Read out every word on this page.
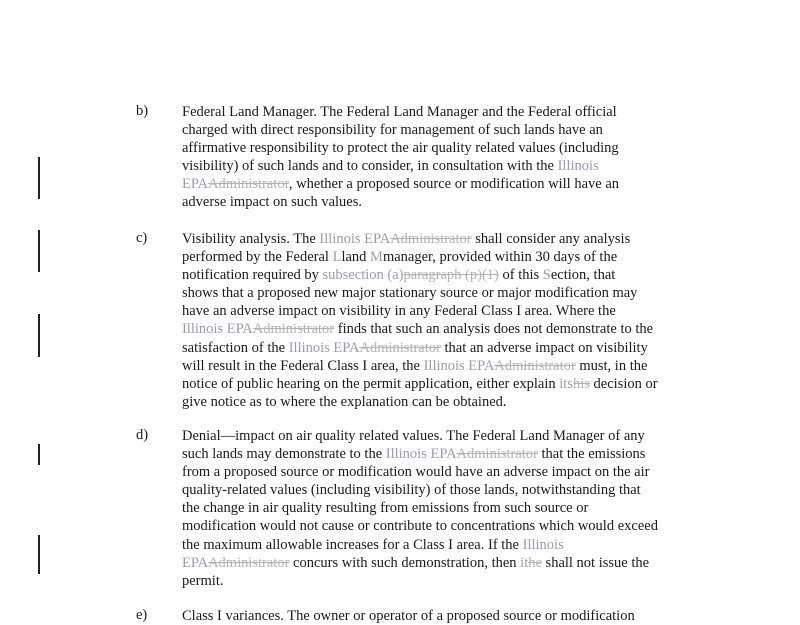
b) Federal Land Manager. The Federal Land Manager and the Federal official
charged with direct responsibility for management of such lands have an
affirmative responsibility to protect the air quality related values (including
visibility) of such lands and to consider, in consultation with the Illinois
EPAAdministrator, whether a proposed source or modification will have an
adverse impact on such values.
c) Visibility analysis. The Illinois EPAAdministrator shall consider any analysis
performed by the Federal Lland Mmanager, provided within 30 days of the
notification required by subsection (a)paragraph (p)(1) of this Section, that
shows that a proposed new major stationary source or major modification may
have an adverse impact on visibility in any Federal Class I area. Where the
Illinois EPAAdministrator finds that such an analysis does not demonstrate to the
satisfaction of the Illinois EPAAdministrator that an adverse impact on visibility
will result in the Federal Class I area, the Illinois EPAAdministrator must, in the
notice of public hearing on the permit application, either explain itshis decision or
give notice as to where the explanation can be obtained.
d) Denial—impact on air quality related values. The Federal Land Manager of any
such lands may demonstrate to the Illinois EPAAdministrator that the emissions
from a proposed source or modification would have an adverse impact on the air
quality-related values (including visibility) of those lands, notwithstanding that
the change in air quality resulting from emissions from such source or
modification would not cause or contribute to concentrations which would exceed
the maximum allowable increases for a Class I area. If the Illinois
EPAAdministrator concurs with such demonstration, then ithe shall not issue the
permit.
e) Class I variances. The owner or operator of a proposed source or modification
